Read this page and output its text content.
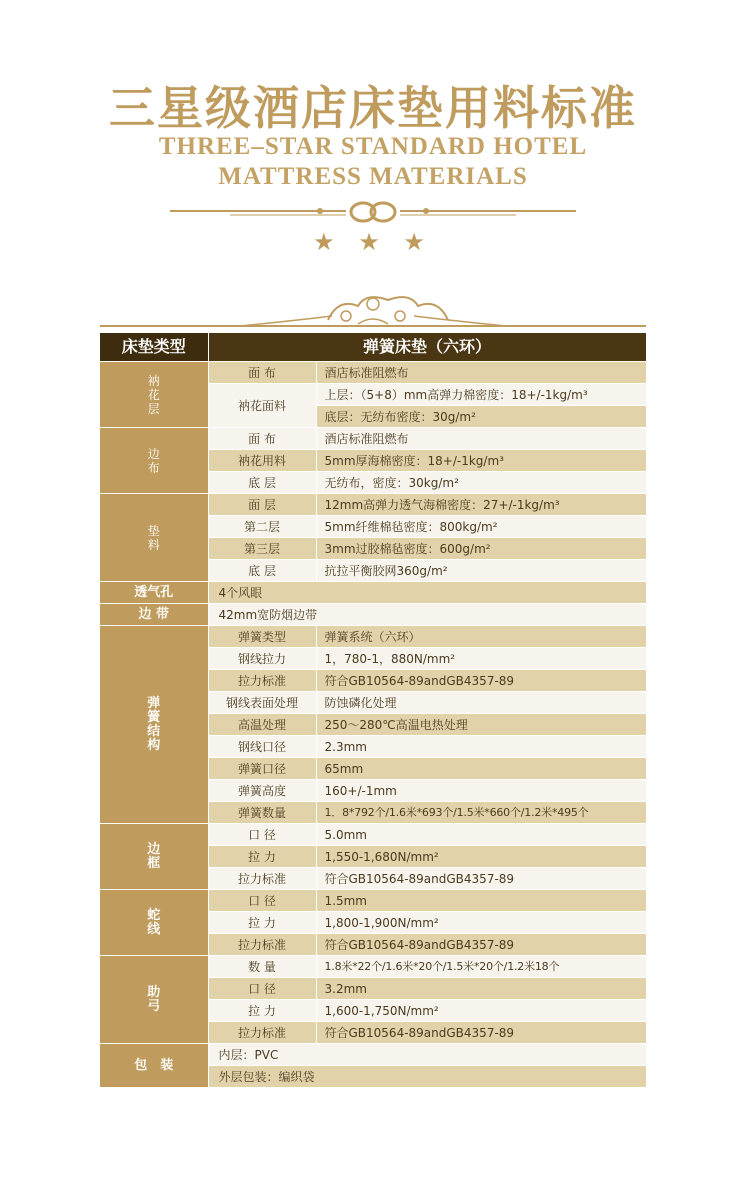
三星级酒店床垫用料标准
THREE–STAR STANDARD HOTEL
MATTRESS MATERIALS
★ ★ ★
床垫类型	弹簧床垫（六环）	
衲花层	面 布	酒店标准阻燃布
	衲花面料	上层：（5+8）mm高弹力棉密度：18+/-1kg/m³
		底层：无纺布密度：30g/m²
边布	面 布	酒店标准阻燃布
	衲花用料	5mm厚海棉密度：18+/-1kg/m³
	底 层	无纺布，密度：30kg/m²
垫料	面 层	12mm高弹力透气海棉密度：27+/-1kg/m³
	第二层	5mm纤维棉毡密度：800kg/m²
	第三层	3mm过胶棉毡密度：600g/m²
	底 层	抗拉平衡胶网360g/m²
透气孔	4个风眼	
边 带	42mm宽防烟边带	
弹簧结构	弹簧类型	弹簧系统（六环）
	钢线拉力	1，780-1，880N/mm²
	拉力标准	符合GB10564-89andGB4357-89
	钢线表面处理	防蚀磷化处理
	高温处理	250～280℃高温电热处理
	钢线口径	2.3mm
	弹簧口径	65mm
	弹簧高度	160+/-1mm
	弹簧数量	1．8*792个/1.6米*693个/1.5米*660个/1.2米*495个
边框	口 径	5.0mm
	拉 力	1,550-1,680N/mm²
	拉力标准	符合GB10564-89andGB4357-89
蛇线	口 径	1.5mm
	拉 力	1,800-1,900N/mm²
	拉力标准	符合GB10564-89andGB4357-89
助弓	数 量	1.8米*22个/1.6米*20个/1.5米*20个/1.2米18个
	口 径	3.2mm
	拉 力	1,600-1,750N/mm²
	拉力标准	符合GB10564-89andGB4357-89
包　装	内层：PVC	
	外层包装：编织袋	
